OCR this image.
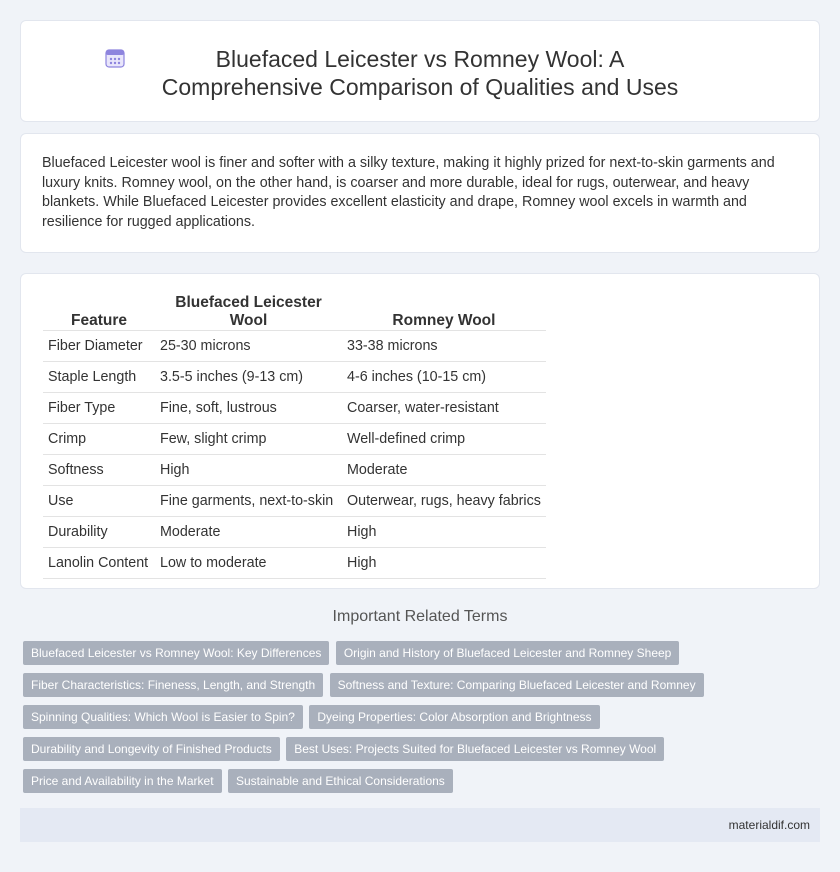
Bluefaced Leicester vs Romney Wool: A Comprehensive Comparison of Qualities and Uses

Bluefaced Leicester wool is finer and softer with a silky texture, making it highly prized for next-to-skin garments and luxury knits. Romney wool, on the other hand, is coarser and more durable, ideal for rugs, outerwear, and heavy blankets. While Bluefaced Leicester provides excellent elasticity and drape, Romney wool excels in warmth and resilience for rugged applications.

Feature	Bluefaced Leicester Wool	Romney Wool
Fiber Diameter	25-30 microns	33-38 microns
Staple Length	3.5-5 inches (9-13 cm)	4-6 inches (10-15 cm)
Fiber Type	Fine, soft, lustrous	Coarser, water-resistant
Crimp	Few, slight crimp	Well-defined crimp
Softness	High	Moderate
Use	Fine garments, next-to-skin	Outerwear, rugs, heavy fabrics
Durability	Moderate	High
Lanolin Content	Low to moderate	High
Important Related Terms
Bluefaced Leicester vs Romney Wool: Key Differences Origin and History of Bluefaced Leicester and Romney Sheep Fiber Characteristics: Fineness, Length, and Strength Softness and Texture: Comparing Bluefaced Leicester and Romney Spinning Qualities: Which Wool is Easier to Spin? Dyeing Properties: Color Absorption and Brightness Durability and Longevity of Finished Products Best Uses: Projects Suited for Bluefaced Leicester vs Romney Wool Price and Availability in the Market Sustainable and Ethical Considerations
materialdif.com
